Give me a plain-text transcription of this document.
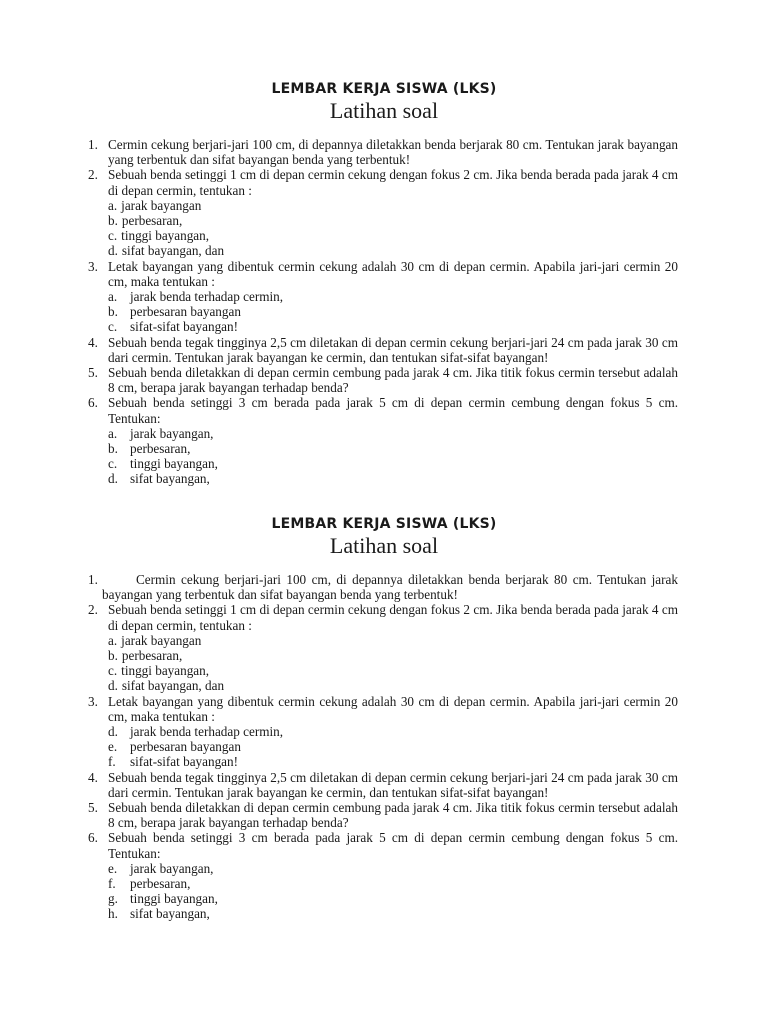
LEMBAR KERJA SISWA (LKS)
Latihan soal
1. Cermin cekung berjari-jari 100 cm, di depannya diletakkan benda berjarak 80 cm. Tentukan jarak bayangan yang terbentuk dan sifat bayangan benda yang terbentuk!
2. Sebuah benda setinggi 1 cm di depan cermin cekung dengan fokus 2 cm. Jika benda berada pada jarak 4 cm di depan cermin, tentukan :
a. jarak bayangan
b. perbesaran,
c. tinggi bayangan,
d. sifat bayangan, dan
3. Letak bayangan yang dibentuk cermin cekung adalah 30 cm di depan cermin. Apabila jari-jari cermin 20 cm, maka tentukan :
a. jarak benda terhadap cermin,
b. perbesaran bayangan
c. sifat-sifat bayangan!
4. Sebuah benda tegak tingginya 2,5 cm diletakan di depan cermin cekung berjari-jari 24 cm pada jarak 30 cm dari cermin. Tentukan jarak bayangan ke cermin, dan tentukan sifat-sifat bayangan!
5. Sebuah benda diletakkan di depan cermin cembung pada jarak 4 cm. Jika titik fokus cermin tersebut adalah 8 cm, berapa jarak bayangan terhadap benda?
6. Sebuah benda setinggi 3 cm berada pada jarak 5 cm di depan cermin cembung dengan fokus 5 cm. Tentukan:
a. jarak bayangan,
b. perbesaran,
c. tinggi bayangan,
d. sifat bayangan,
LEMBAR KERJA SISWA (LKS)
Latihan soal
1.	Cermin cekung berjari-jari 100 cm, di depannya diletakkan benda berjarak 80 cm. Tentukan jarak bayangan yang terbentuk dan sifat bayangan benda yang terbentuk!
2. Sebuah benda setinggi 1 cm di depan cermin cekung dengan fokus 2 cm. Jika benda berada pada jarak 4 cm di depan cermin, tentukan :
a. jarak bayangan
b. perbesaran,
c. tinggi bayangan,
d. sifat bayangan, dan
3. Letak bayangan yang dibentuk cermin cekung adalah 30 cm di depan cermin. Apabila jari-jari cermin 20 cm, maka tentukan :
d. jarak benda terhadap cermin,
e. perbesaran bayangan
f. sifat-sifat bayangan!
4. Sebuah benda tegak tingginya 2,5 cm diletakan di depan cermin cekung berjari-jari 24 cm pada jarak 30 cm dari cermin. Tentukan jarak bayangan ke cermin, dan tentukan sifat-sifat bayangan!
5. Sebuah benda diletakkan di depan cermin cembung pada jarak 4 cm. Jika titik fokus cermin tersebut adalah 8 cm, berapa jarak bayangan terhadap benda?
6. Sebuah benda setinggi 3 cm berada pada jarak 5 cm di depan cermin cembung dengan fokus 5 cm. Tentukan:
e. jarak bayangan,
f. perbesaran,
g. tinggi bayangan,
h. sifat bayangan,
